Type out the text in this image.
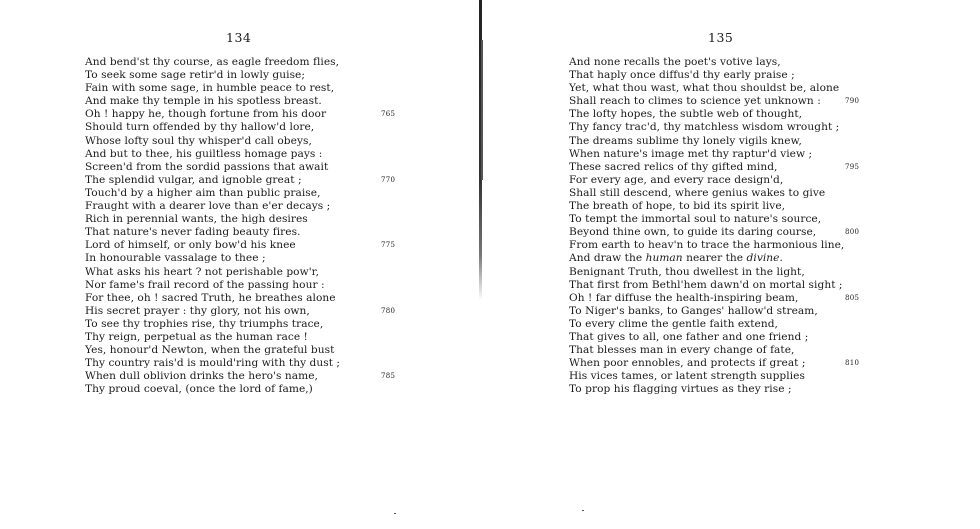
134
And bend'st thy course, as eagle freedom flies,
To seek some sage retir'd in lowly guise;
Fain with some sage, in humble peace to rest,
And make thy temple in his spotless breast.
Oh ! happy he, though fortune from his door	765
Should turn offended by thy hallow'd lore,
Whose lofty soul thy whisper'd call obeys,
And but to thee, his guiltless homage pays :
Screen'd from the sordid passions that await
The splendid vulgar, and ignoble great ;	770
Touch'd by a higher aim than public praise,
Fraught with a dearer love than e'er decays ;
Rich in perennial wants, the high desires
That nature's never fading beauty fires.
Lord of himself, or only bow'd his knee	775
In honourable vassalage to thee ;
What asks his heart ? not perishable pow'r,
Nor fame's frail record of the passing hour :
For thee, oh ! sacred Truth, he breathes alone
His secret prayer : thy glory, not his own,	780
To see thy trophies rise, thy triumphs trace,
Thy reign, perpetual as the human race !
Yes, honour'd Newton, when the grateful bust
Thy country rais'd is mould'ring with thy dust ;
When dull oblivion drinks the hero's name,	785
Thy proud coeval, (once the lord of fame,)
135
And none recalls the poet's votive lays,
That haply once diffus'd thy early praise ;
Yet, what thou wast, what thou shouldst be, alone
Shall reach to climes to science yet unknown :	790
The lofty hopes, the subtle web of thought,
Thy fancy trac'd, thy matchless wisdom wrought ;
The dreams sublime thy lonely vigils knew,
When nature's image met thy raptur'd view ;
These sacred relics of thy gifted mind,	795
For every age, and every race design'd,
Shall still descend, where genius wakes to give
The breath of hope, to bid its spirit live,
To tempt the immortal soul to nature's source,
Beyond thine own, to guide its daring course,	800
From earth to heav'n to trace the harmonious line,
And draw the human nearer the divine.
Benignant Truth, thou dwellest in the light,
That first from Bethl'hem dawn'd on mortal sight ;
Oh ! far diffuse the health-inspiring beam,	805
To Niger's banks, to Ganges' hallow'd stream,
To every clime the gentle faith extend,
That gives to all, one father and one friend ;
That blesses man in every change of fate,
When poor ennobles, and protects if great ;	810
His vices tames, or latent strength supplies
To prop his flagging virtues as they rise ;
